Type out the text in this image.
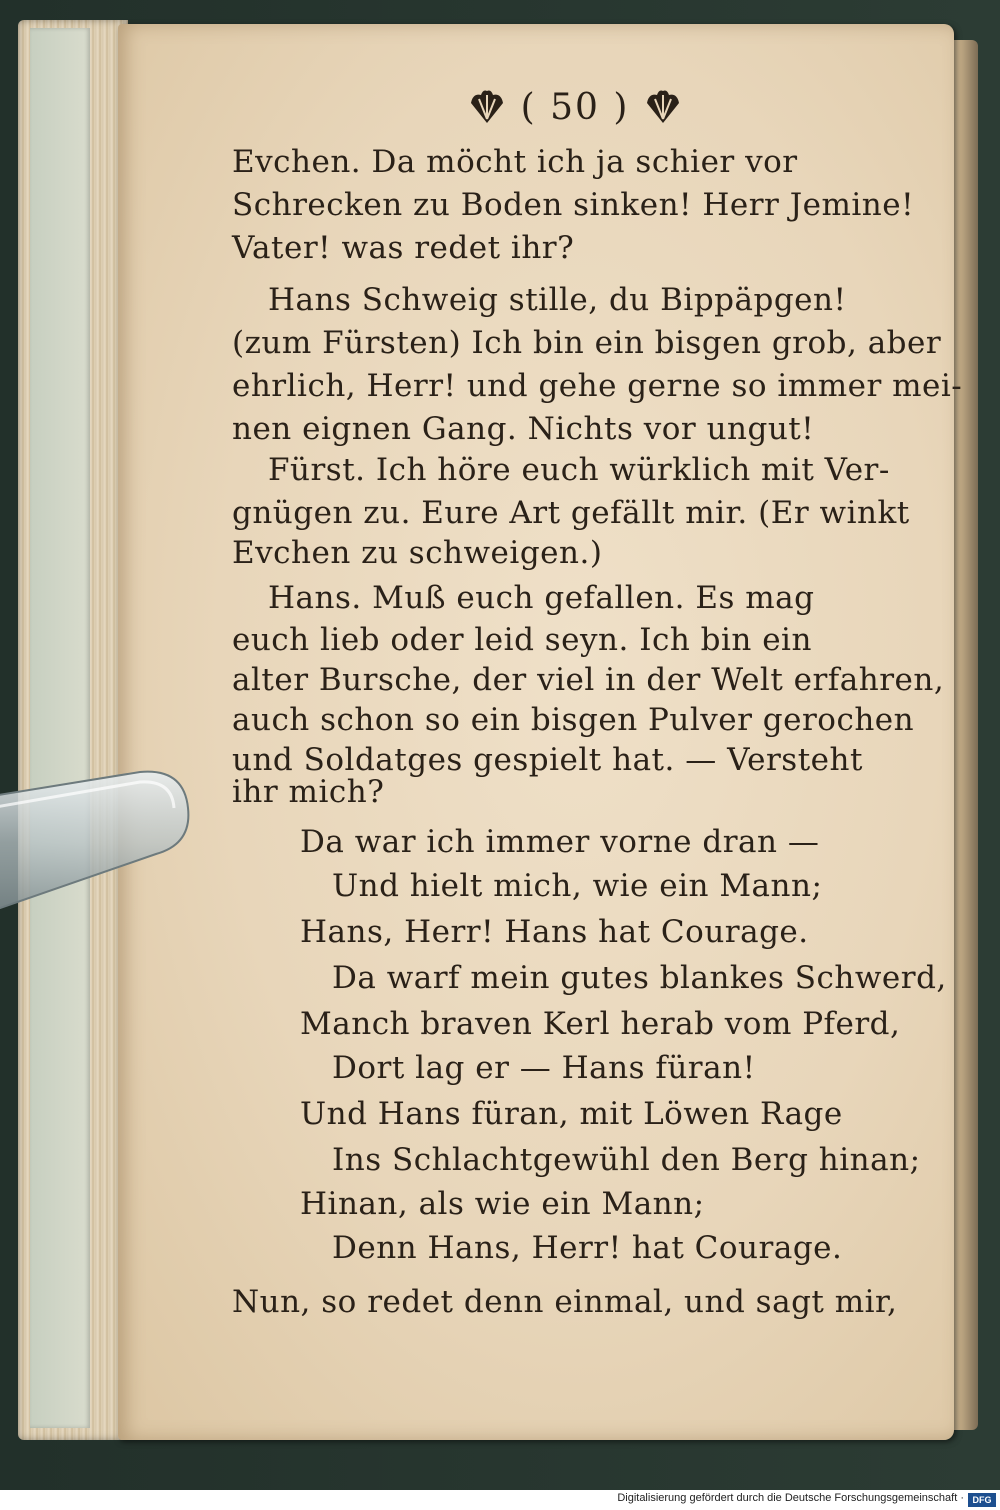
( 50 )
Evchen. Da möcht ich ja schier vor
Schrecken zu Boden sinken! Herr Jemine!
Vater! was redet ihr?
Hans Schweig stille, du Bippäpgen!
(zum Fürsten) Ich bin ein bisgen grob, aber
ehrlich, Herr! und gehe gerne so immer mei-
nen eignen Gang. Nichts vor ungut!
Fürst. Ich höre euch würklich mit Ver-
gnügen zu. Eure Art gefällt mir. (Er winkt
Evchen zu schweigen.)
Hans. Muß euch gefallen. Es mag
euch lieb oder leid seyn. Ich bin ein
alter Bursche, der viel in der Welt erfahren,
auch schon so ein bisgen Pulver gerochen
und Soldatges gespielt hat. — Versteht
ihr mich?
Da war ich immer vorne dran —
Und hielt mich, wie ein Mann;
Hans, Herr! Hans hat Courage.
Da warf mein gutes blankes Schwerd,
Manch braven Kerl herab vom Pferd,
Dort lag er — Hans füran!
Und Hans füran, mit Löwen Rage
Ins Schlachtgewühl den Berg hinan;
Hinan, als wie ein Mann;
Denn Hans, Herr! hat Courage.
Nun, so redet denn einmal, und sagt mir,
Digitalisierung gefördert durch die Deutsche Forschungsgemeinschaft · DFG
